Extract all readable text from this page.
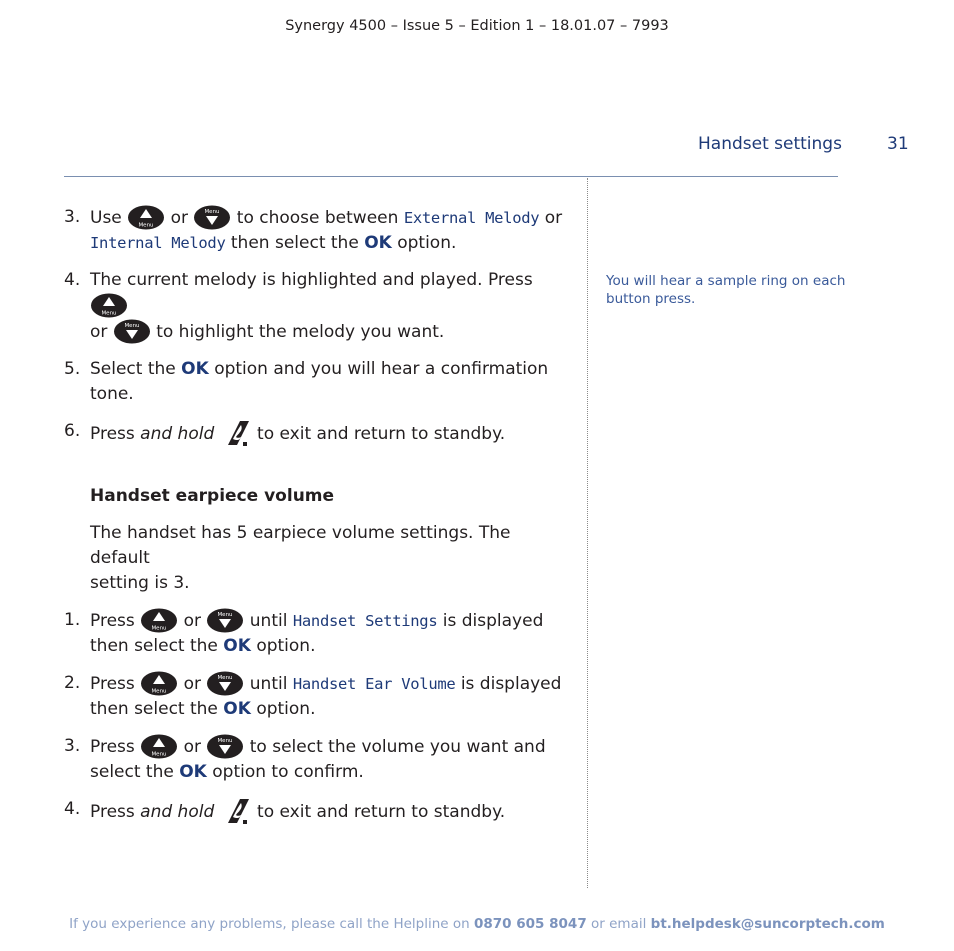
Synergy 4500 – Issue 5 – Edition 1 – 18.01.07 – 7993
Handset settings	31
3. Use	or	to choose between External Melody or
Internal Melody then select the OK option.
4. The current melody is highlighted and played. Press

or	to highlight the melody you want.
5. Select the OK option and you will hear a confirmation
tone.
6. Press and hold	to exit and return to standby.
Handset earpiece volume
The handset has 5 earpiece volume settings. The default
setting is 3.
1. Press	or	until Handset Settings is displayed
then select the OK option.
2. Press	or	until Handset Ear Volume is displayed
then select the OK option.
3. Press	or	to select the volume you want and
select the OK option to confirm.
4. Press and hold	to exit and return to standby.
You will hear a sample ring on each button press.
If you experience any problems, please call the Helpline on 0870 605 8047 or email bt.helpdesk@suncorptech.com
